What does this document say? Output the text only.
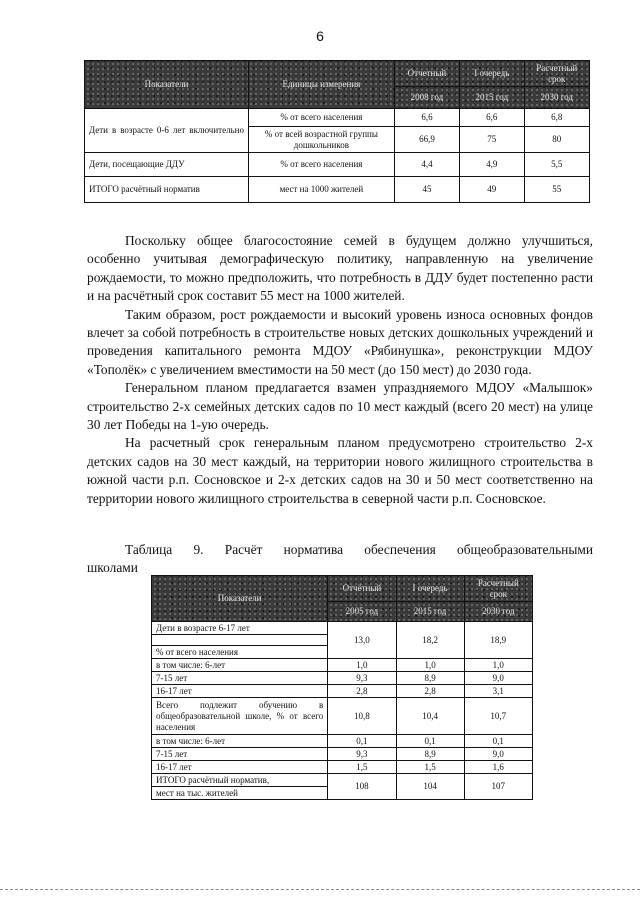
6
Показатели	Единицы измерения	Отчетный	I очередь	Расчетный срок
		2008 год	2015 год	2030 год
Дети в возрасте 0-6 лет включительно	% от всего населения	6,6	6,6	6,8
	% от всей возрастной группы дошкольников	66,9	75	80
Дети, посещающие ДДУ	% от всего населения	4,4	4,9	5,5
ИТОГО расчётный норматив	мест на 1000 жителей	45	49	55

Поскольку общее благосостояние семей в будущем должно улучшиться, особенно учитывая демографическую политику, направленную на увеличение рождаемости, то можно предположить, что потребность в ДДУ будет постепенно расти и на расчётный срок составит 55 мест на 1000 жителей.

Таким образом, рост рождаемости и высокий уровень износа основных фондов влечет за собой потребность в строительстве новых детских дошкольных учреждений и проведения капитального ремонта МДОУ «Рябинушка», реконструкции МДОУ «Тополёк» с увеличением вместимости на 50 мест (до 150 мест) до 2030 года.

Генеральном планом предлагается взамен упраздняемого МДОУ «Малышок» строительство 2-х семейных детских садов по 10 мест каждый (всего 20 мест) на улице 30 лет Победы на 1-ую очередь.

На расчетный срок генеральным планом предусмотрено строительство 2-х детских садов на 30 мест каждый, на территории нового жилищного строительства в южной части р.п. Сосновское и 2-х детских садов на 30 и 50 мест соответственно на территории нового жилищного строительства в северной части р.п. Сосновское.

Таблица 9. Расчёт норматива обеспечения общеобразовательными
школами
Показатели	Отчётный	I очередь	Расчетный срок
	2005 год	2015 год	2030 год
Дети в возрасте 6-17 лет	13,0	18,2	18,9

% от всего населения			
в том числе: 6-лет	1,0	1,0	1,0
7-15 лет	9,3	8,9	9,0
16-17 лет	2,8	2,8	3,1
Всего подлежит обучению в общеобразовательной школе, % от всего населения	10,8	10,4	10,7
в том числе: 6-лет	0,1	0,1	0,1
7-15 лет	9,3	8,9	9,0
16-17 лет	1,5	1,5	1,6
ИТОГО расчётный норматив,	108	104	107
мест на тыс. жителей			
